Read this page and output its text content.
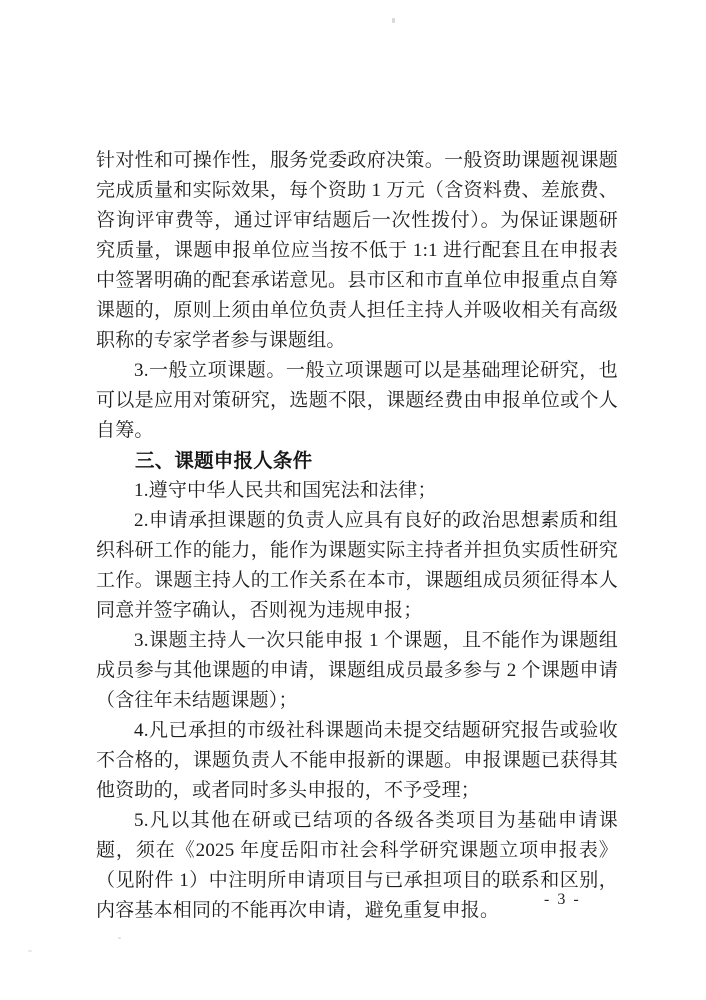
针对性和可操作性，服务党委政府决策。一般资助课题视课题完成质量和实际效果，每个资助 1 万元（含资料费、差旅费、咨询评审费等，通过评审结题后一次性拨付）。为保证课题研究质量，课题申报单位应当按不低于 1:1 进行配套且在申报表中签署明确的配套承诺意见。县市区和市直单位申报重点自筹课题的，原则上须由单位负责人担任主持人并吸收相关有高级职称的专家学者参与课题组。

3.一般立项课题。一般立项课题可以是基础理论研究，也可以是应用对策研究，选题不限，课题经费由申报单位或个人自筹。

三、课题申报人条件

1.遵守中华人民共和国宪法和法律；

2.申请承担课题的负责人应具有良好的政治思想素质和组织科研工作的能力，能作为课题实际主持者并担负实质性研究工作。课题主持人的工作关系在本市，课题组成员须征得本人同意并签字确认，否则视为违规申报；

3.课题主持人一次只能申报 1 个课题，且不能作为课题组成员参与其他课题的申请，课题组成员最多参与 2 个课题申请（含往年未结题课题）；

4.凡已承担的市级社科课题尚未提交结题研究报告或验收不合格的，课题负责人不能申报新的课题。申报课题已获得其他资助的，或者同时多头申报的，不予受理；

5.凡以其他在研或已结项的各级各类项目为基础申请课题，须在《2025 年度岳阳市社会科学研究课题立项申报表》（见附件 1）中注明所申请项目与已承担项目的联系和区别，内容基本相同的不能再次申请，避免重复申报。

- 3 -
